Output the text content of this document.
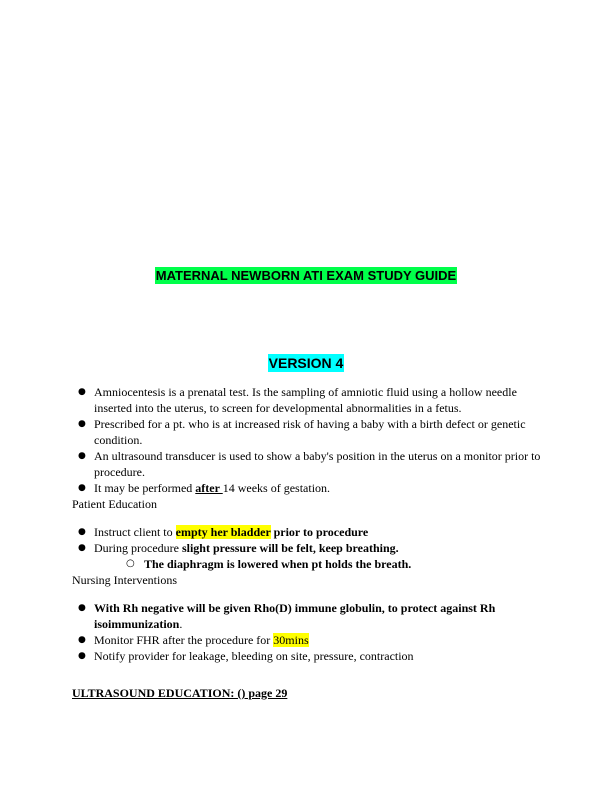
MATERNAL NEWBORN ATI EXAM STUDY GUIDE
VERSION 4
● Amniocentesis is a prenatal test. Is the sampling of amniotic fluid using a hollow needle inserted into the uterus, to screen for developmental abnormalities in a fetus.
● Prescribed for a pt. who is at increased risk of having a baby with a birth defect or genetic condition.
● An ultrasound transducer is used to show a baby's position in the uterus on a monitor prior to procedure.
● It may be performed after 14 weeks of gestation.

Patient Education

● Instruct client to empty her bladder prior to procedure
● During procedure slight pressure will be felt, keep breathing.
○ The diaphragm is lowered when pt holds the breath.

Nursing Interventions

● With Rh negative will be given Rho(D) immune globulin, to protect against Rh isoimmunization.
● Monitor FHR after the procedure for 30mins
● Notify provider for leakage, bleeding on site, pressure, contraction
ULTRASOUND EDUCATION: () page 29
